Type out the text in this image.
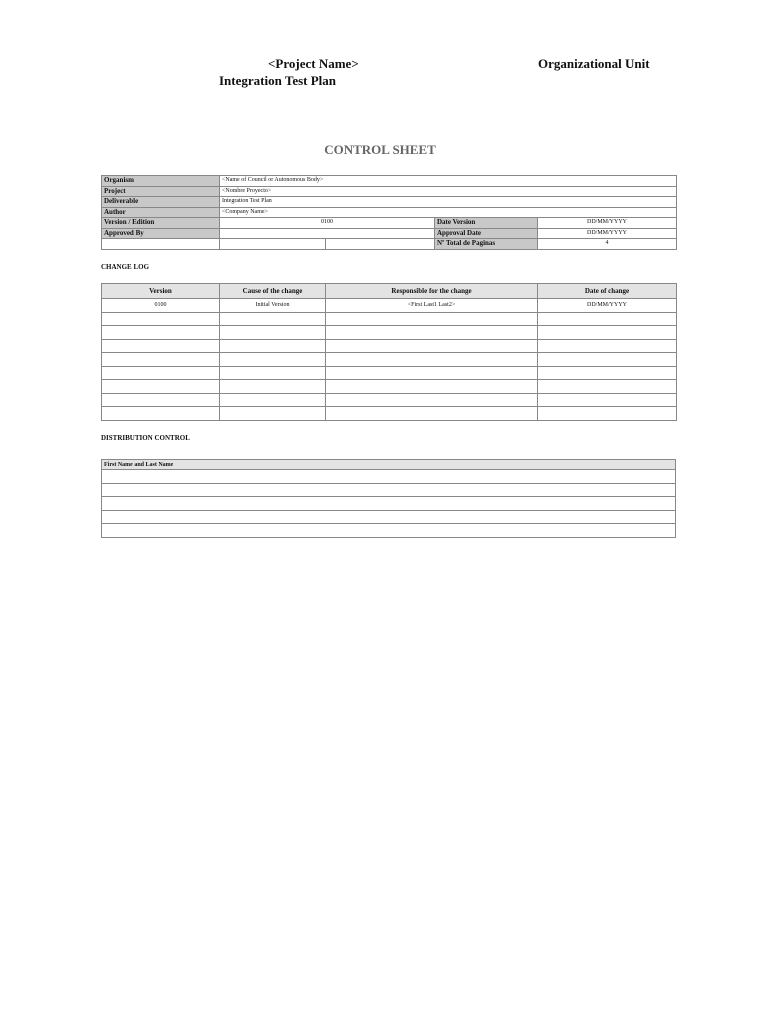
<Project Name>
Integration Test Plan
Organizational Unit
CONTROL SHEET
Organism	<Name of Council or Autonomous Body>			
Project	<Nombre Proyecto>			
Deliverable	Integration Test Plan			
Author	<Company Name>			
Version / Edition	0100		Date Version	DD/MM/YYYY
Approved By			Approval Date	DD/MM/YYYY
			Nº Total de Paginas	4
CHANGE LOG
Version	Cause of the change	Responsible for the change	Date of change
0100	Initial Version	<First Last1 Last2>	DD/MM/YYYY

DISTRIBUTION CONTROL
First Name and Last Name
